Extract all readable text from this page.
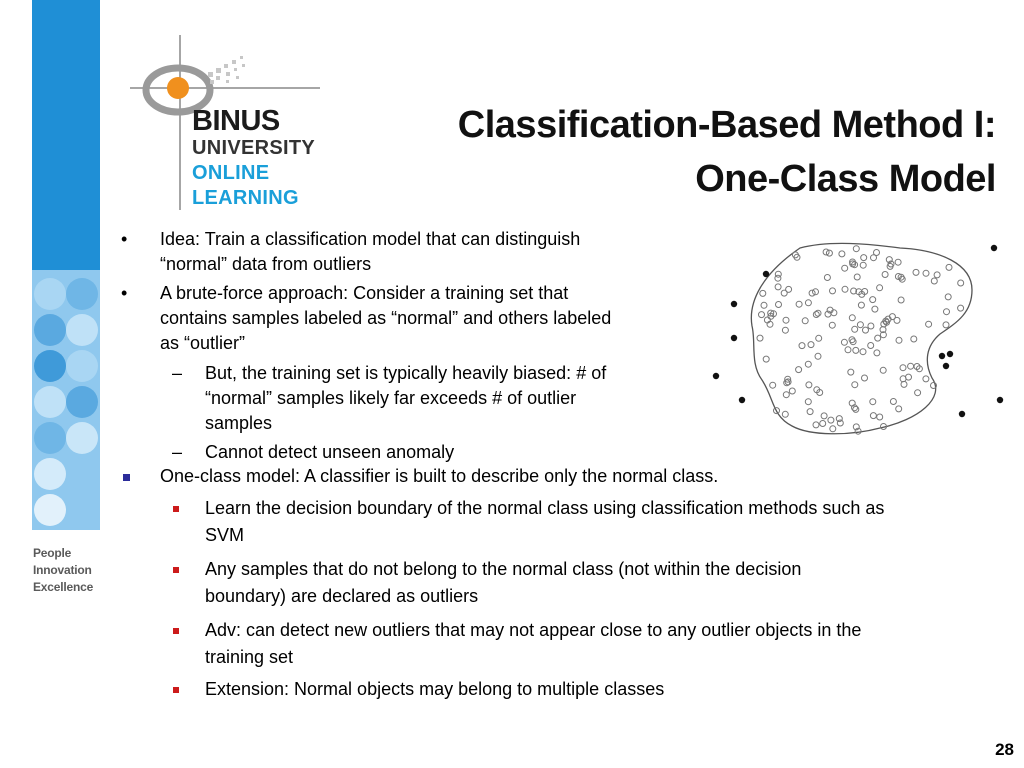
People
Innovation
Excellence
BINUS
UNIVERSITY
ONLINE
LEARNING
Classification-Based Method I:
One-Class Model
• Idea: Train a classification model that can distinguish
“normal” data from outliers
• A brute-force approach: Consider a training set that
contains samples labeled as “normal” and others labeled
as “outlier”
– But, the training set is typically heavily biased: # of
“normal” samples likely far exceeds # of outlier
samples
– Cannot detect unseen anomaly
One-class model: A classifier is built to describe only the normal class.
Learn the decision boundary of the normal class using classification methods such as
SVM
Any samples that do not belong to the normal class (not within the decision
boundary) are declared as outliers
Adv: can detect new outliers that may not appear close to any outlier objects in the
training set
Extension: Normal objects may belong to multiple classes
28
